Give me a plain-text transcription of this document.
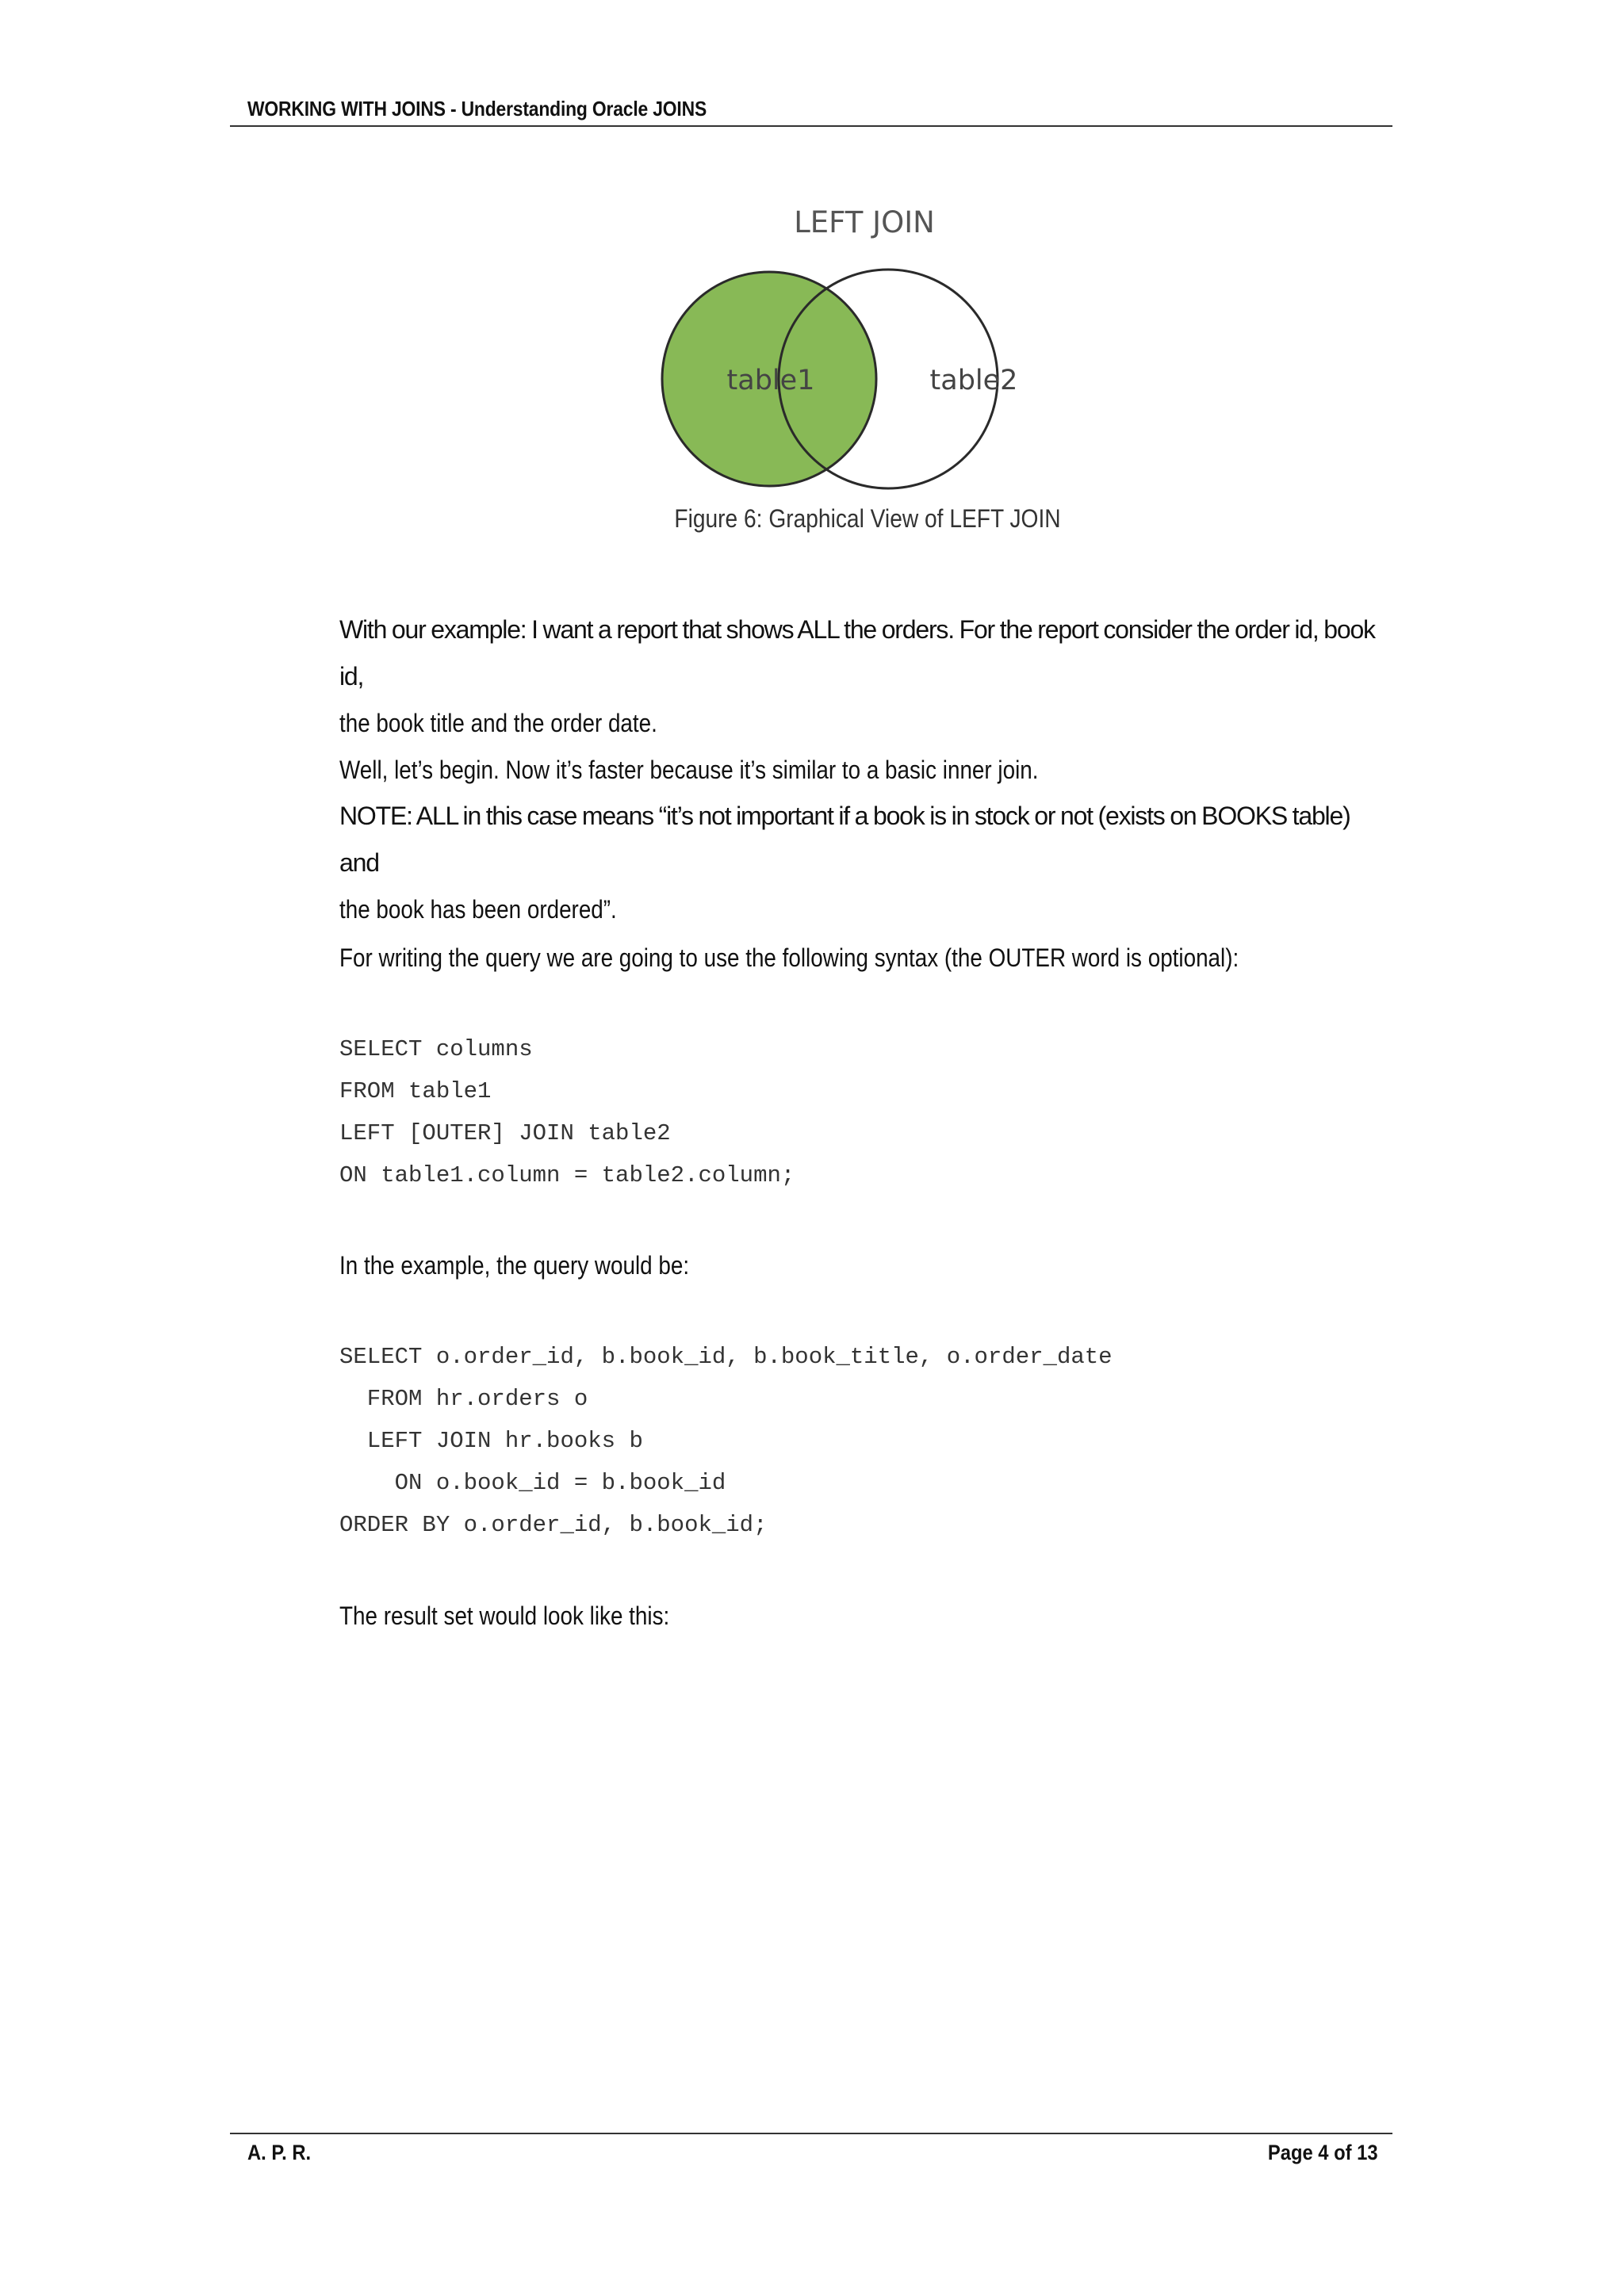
WORKING WITH JOINS - Understanding Oracle JOINS
LEFT JOIN
table1	table2
Figure 6: Graphical View of LEFT JOIN

With our example: I want a report that shows ALL the orders. For the report consider the order id, book id,

the book title and the order date.

Well, let’s begin. Now it’s faster because it’s similar to a basic inner join.

NOTE: ALL in this case means “it’s not important if a book is in stock or not (exists on BOOKS table) and

the book has been ordered”.

For writing the query we are going to use the following syntax (the OUTER word is optional):

SELECT columns
FROM table1
LEFT [OUTER] JOIN table2
ON table1.column = table2.column;

In the example, the query would be:

SELECT o.order_id, b.book_id, b.book_title, o.order_date
FROM hr.orders o
LEFT JOIN hr.books b
ON o.book_id = b.book_id
ORDER BY o.order_id, b.book_id;

The result set would look like this:

A. P. R.	Page 4 of 13
